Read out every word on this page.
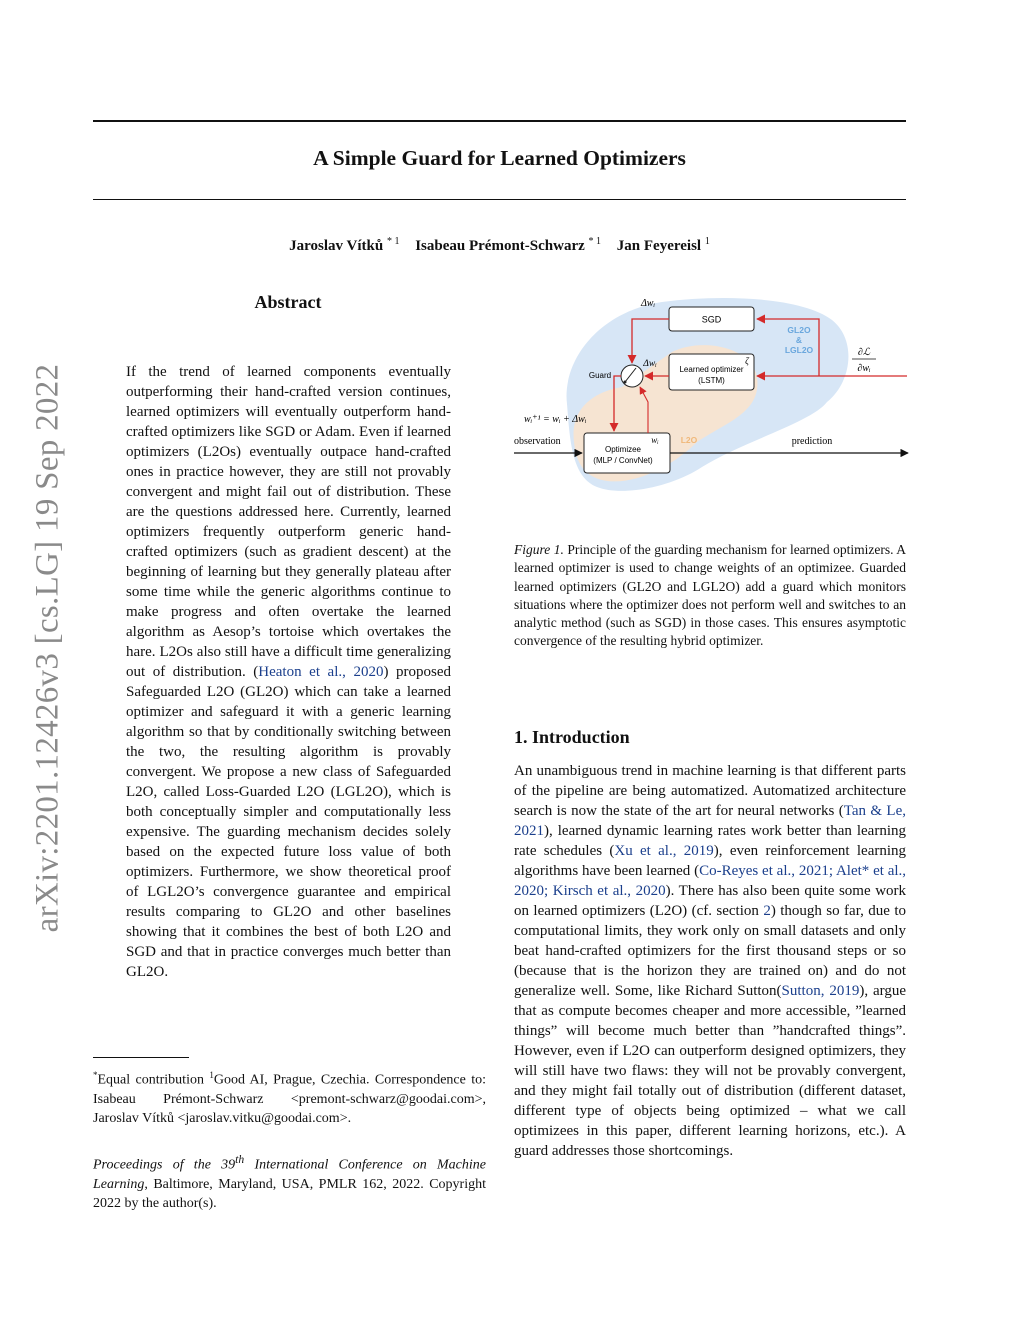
A Simple Guard for Learned Optimizers
Jaroslav Vítků $^{* 1}$ Isabeau Prémont-Schwarz $^{* 1}$ Jan Feyereisl $^1$
arXiv:2201.12426v3 [cs.LG] 19 Sep 2022
Abstract
If the trend of learned components eventually outperforming their hand-crafted version continues, learned optimizers will eventually outperform hand-crafted optimizers like SGD or Adam. Even if learned optimizers (L2Os) eventually outpace hand-crafted ones in practice however, they are still not provably convergent and might fail out of distribution. These are the questions addressed here. Currently, learned optimizers frequently outperform generic hand-crafted optimizers (such as gradient descent) at the beginning of learning but they generally plateau after some time while the generic algorithms continue to make progress and often overtake the learned algorithm as Aesop’s tortoise which overtakes the hare. L2Os also still have a difficult time generalizing out of distribution. (Heaton et al., 2020) proposed Safeguarded L2O (GL2O) which can take a learned optimizer and safeguard it with a generic learning algorithm so that by conditionally switching between the two, the resulting algorithm is provably convergent. We propose a new class of Safeguarded L2O, called Loss-Guarded L2O (LGL2O), which is both conceptually simpler and computationally less expensive. The guarding mechanism decides solely based on the expected future loss value of both optimizers. Furthermore, we show theoretical proof of LGL2O’s convergence guarantee and empirical results comparing to GL2O and other baselines showing that it combines the best of both L2O and SGD and that in practice converges much better than GL2O.
*Equal contribution $^1$Good AI, Prague, Czechia. Correspondence to: Isabeau Prémont-Schwarz <premont-schwarz@goodai.com>, Jaroslav Vítků <jaroslav.vitku@goodai.com>.
Proceedings of the 39th International Conference on Machine Learning, Baltimore, Maryland, USA, PMLR 162, 2022. Copyright 2022 by the author(s).
SGD
Learned optimizer
(LSTM)
ζ
Optimizee
(MLP / ConvNet)
wᵢ
Guard
observation	prediction
Δwᵢ
Δwᵢ
wᵢ⁺¹ = wᵢ + Δwᵢ
∂ℒ
∂wᵢ
GL2O
&
LGL2O
L2O
Figure 1. Principle of the guarding mechanism for learned optimizers. A learned optimizer is used to change weights of an optimizee. Guarded learned optimizers (GL2O and LGL2O) add a guard which monitors situations where the optimizer does not perform well and switches to an analytic method (such as SGD) in those cases. This ensures asymptotic convergence of the resulting hybrid optimizer.
1. Introduction
An unambiguous trend in machine learning is that different parts of the pipeline are being automatized. Automatized architecture search is now the state of the art for neural networks (Tan & Le, 2021), learned dynamic learning rates work better than learning rate schedules (Xu et al., 2019), even reinforcement learning algorithms have been learned (Co-Reyes et al., 2021; Alet* et al., 2020; Kirsch et al., 2020). There has also been quite some work on learned optimizers (L2O) (cf. section 2) though so far, due to computational limits, they work only on small datasets and only beat hand-crafted optimizers for the first thousand steps or so (because that is the horizon they are trained on) and do not generalize well. Some, like Richard Sutton(Sutton, 2019), argue that as compute becomes cheaper and more accessible, ”learned things” will become much better than ”handcrafted things”. However, even if L2O can outperform designed optimizers, they will still have two flaws: they will not be provably convergent, and they might fail totally out of distribution (different dataset, different type of objects being optimized – what we call optimizees in this paper, different learning horizons, etc.). A guard addresses those shortcomings.
